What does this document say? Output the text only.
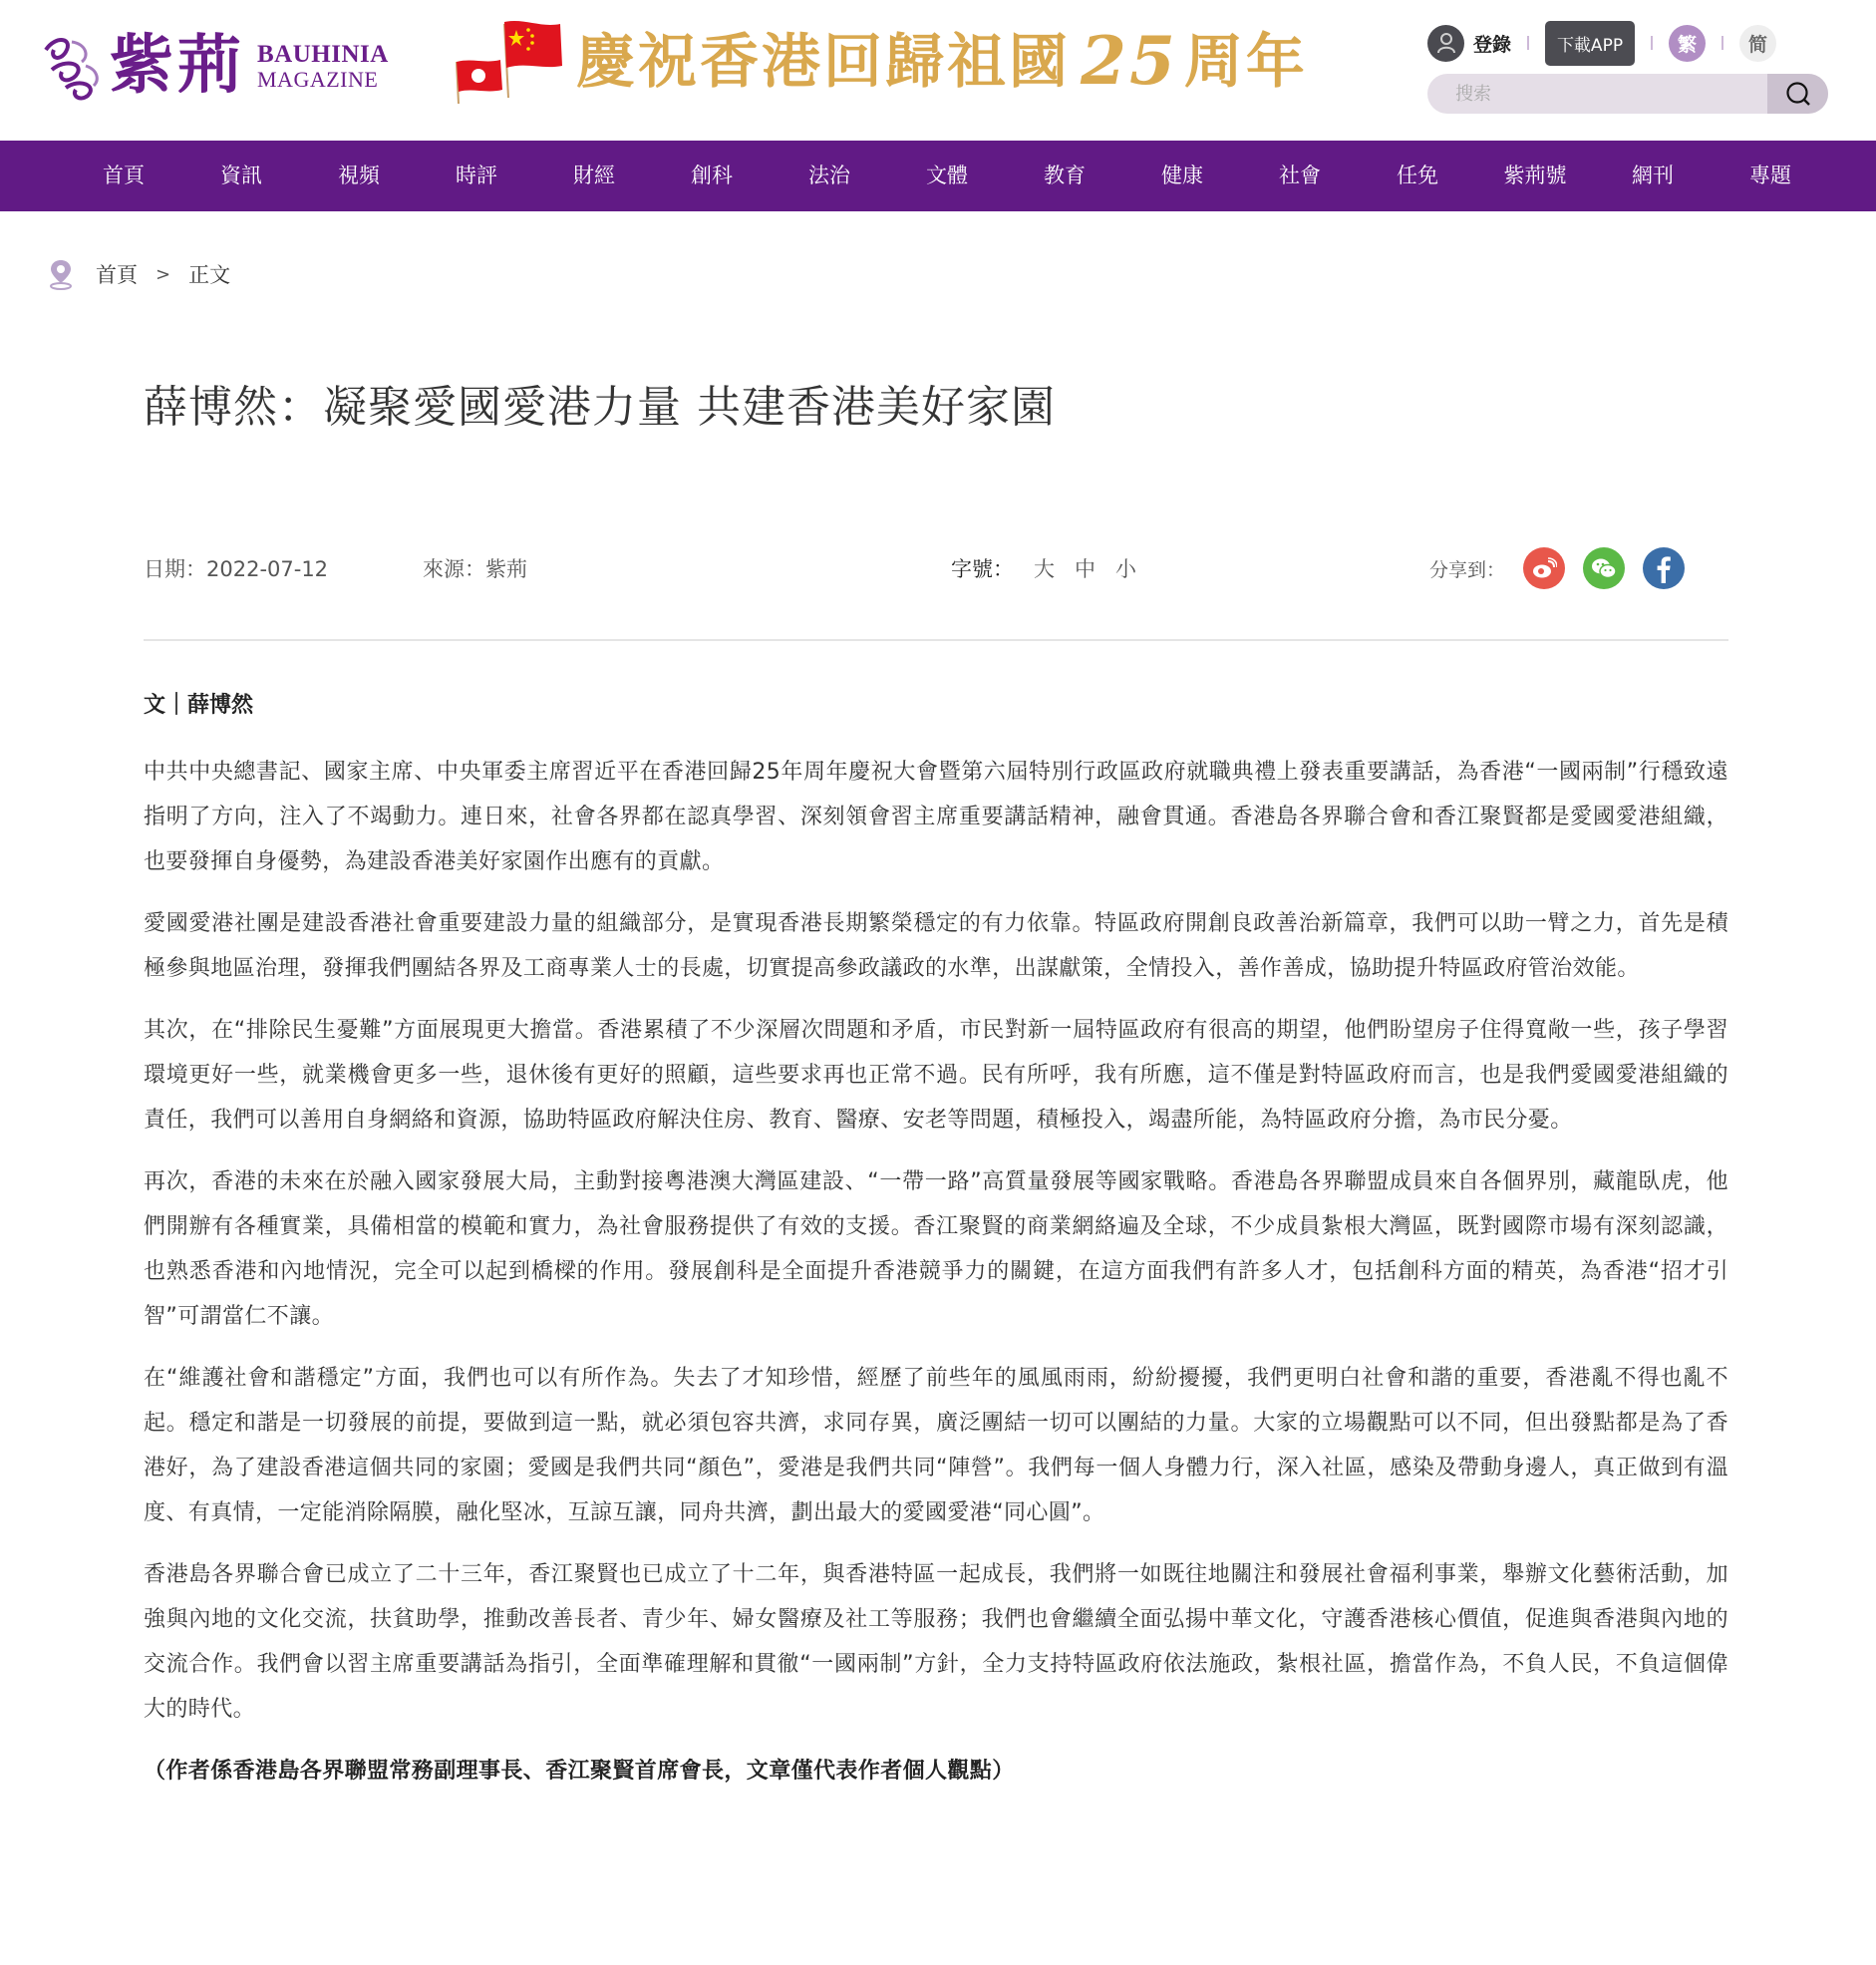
紫荊 BAUHINIA
MAGAZINE	慶祝香港回歸祖國 25 周年	登錄	下載APP	繁	简
搜索
首頁	資訊	視頻	時評	財經	創科	法治	文體	教育	健康	社會	任免	紫荊號	網刊	專題
首頁 > 正文
薛博然：凝聚愛國愛港力量 共建香港美好家園
日期：2022-07-12	來源：紫荊	字號： 大 中 小	分享到：
文｜薛博然

中共中央總書記、國家主席、中央軍委主席習近平在香港回歸25年周年慶祝大會暨第六屆特別行政區政府就職典禮上發表重要講話，為香港“一國兩制”行穩致遠指明了方向，注入了不竭動力。連日來，社會各界都在認真學習、深刻領會習主席重要講話精神，融會貫通。香港島各界聯合會和香江聚賢都是愛國愛港組織，也要發揮自身優勢，為建設香港美好家園作出應有的貢獻。

愛國愛港社團是建設香港社會重要建設力量的組織部分，是實現香港長期繁榮穩定的有力依靠。特區政府開創良政善治新篇章，我們可以助一臂之力，首先是積極參與地區治理，發揮我們團結各界及工商專業人士的長處，切實提高參政議政的水準，出謀獻策，全情投入，善作善成，協助提升特區政府管治效能。

其次，在“排除民生憂難”方面展現更大擔當。香港累積了不少深層次問題和矛盾，市民對新一屆特區政府有很高的期望，他們盼望房子住得寬敞一些，孩子學習環境更好一些，就業機會更多一些，退休後有更好的照顧，這些要求再也正常不過。民有所呼，我有所應，這不僅是對特區政府而言，也是我們愛國愛港組織的責任，我們可以善用自身網絡和資源，協助特區政府解決住房、教育、醫療、安老等問題，積極投入，竭盡所能，為特區政府分擔，為市民分憂。

再次，香港的未來在於融入國家發展大局，主動對接粵港澳大灣區建設、“一帶一路”高質量發展等國家戰略。香港島各界聯盟成員來自各個界別，藏龍臥虎，他們開辦有各種實業，具備相當的模範和實力，為社會服務提供了有效的支援。香江聚賢的商業網絡遍及全球，不少成員紮根大灣區，既對國際市場有深刻認識，也熟悉香港和內地情況，完全可以起到橋樑的作用。發展創科是全面提升香港競爭力的關鍵，在這方面我們有許多人才，包括創科方面的精英，為香港“招才引智”可謂當仁不讓。

在“維護社會和諧穩定”方面，我們也可以有所作為。失去了才知珍惜，經歷了前些年的風風雨雨，紛紛擾擾，我們更明白社會和諧的重要，香港亂不得也亂不起。穩定和諧是一切發展的前提，要做到這一點，就必須包容共濟，求同存異，廣泛團結一切可以團結的力量。大家的立場觀點可以不同，但出發點都是為了香港好，為了建設香港這個共同的家園；愛國是我們共同“顏色”，愛港是我們共同“陣營”。我們每一個人身體力行，深入社區，感染及帶動身邊人，真正做到有溫度、有真情，一定能消除隔膜，融化堅冰，互諒互讓，同舟共濟，劃出最大的愛國愛港“同心圓”。

香港島各界聯合會已成立了二十三年，香江聚賢也已成立了十二年，與香港特區一起成長，我們將一如既往地關注和發展社會福利事業，舉辦文化藝術活動，加強與內地的文化交流，扶貧助學，推動改善長者、青少年、婦女醫療及社工等服務；我們也會繼續全面弘揚中華文化，守護香港核心價值，促進與香港與內地的交流合作。我們會以習主席重要講話為指引，全面準確理解和貫徹“一國兩制”方針，全力支持特區政府依法施政，紮根社區，擔當作為，不負人民，不負這個偉大的時代。

（作者係香港島各界聯盟常務副理事長、香江聚賢首席會長，文章僅代表作者個人觀點）
